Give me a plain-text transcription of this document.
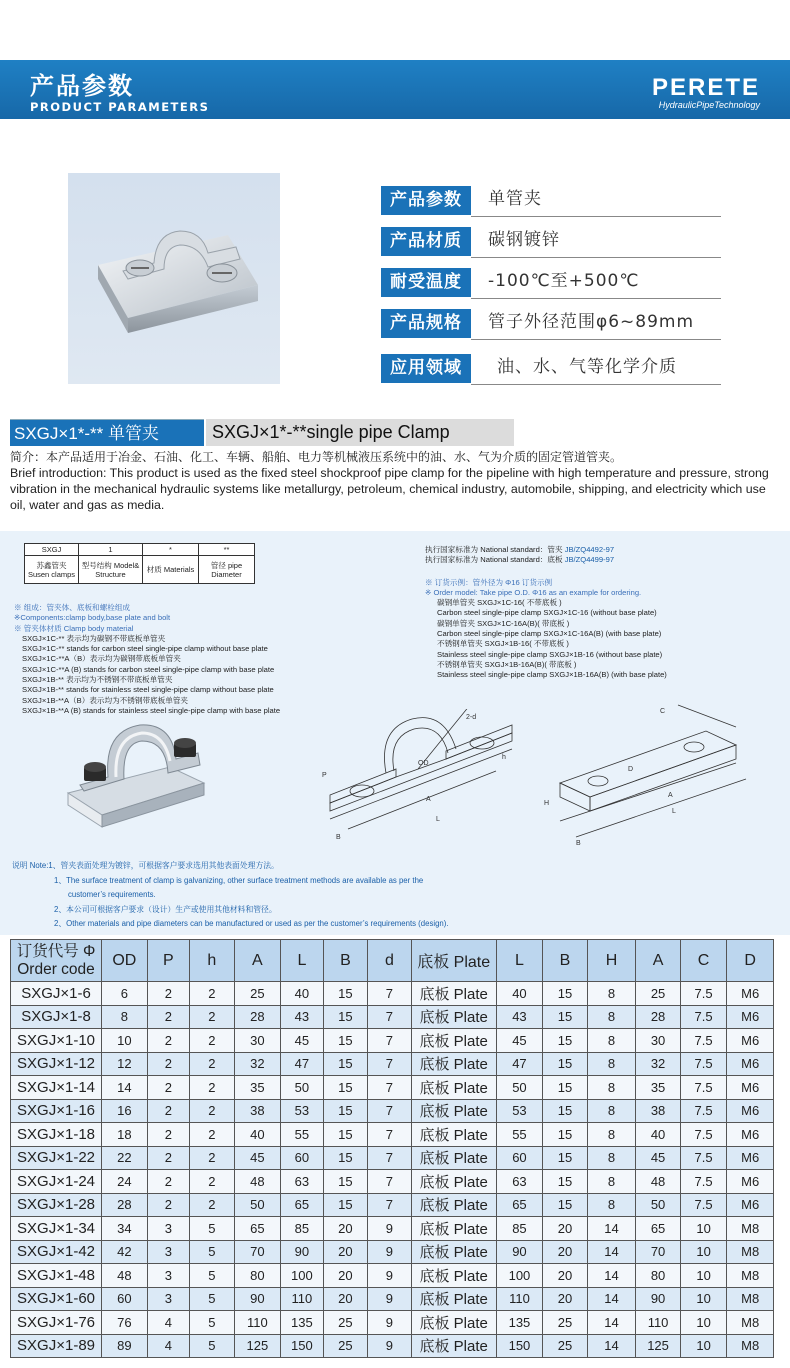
产品参数
PRODUCT PARAMETERS
PERETE
HydraulicPipeTechnology
产品参数	单管夹
产品材质	碳钢镀锌
耐受温度	-100℃至+500℃
产品规格	管子外径范围φ6~89mm
应用领域	油、水、气等化学介质
SXGJ×1*-** 单管夹	SXGJ×1*-**single pipe Clamp
简介：本产品适用于冶金、石油、化工、车辆、船舶、电力等机械液压系统中的油、水、气为介质的固定管道管夹。
Brief introduction: This product is used as the fixed steel shockproof pipe clamp for the pipeline with high temperature and pressure, strong vibration in the mechanical hydraulic systems like metallurgy, petroleum, chemical industry, automobile, shipping, and electricity which use oil, water and gas as media.
SXGJ	1	*	**
苏鑫管夹 Susen clamps	型号结构 Model& Structure	材质 Materials	管径 pipe Diameter
※ 组成：管夹体、底板和螺栓组成
※Components:clamp body,base plate and bolt
※ 管夹体材质 Clamp body material
SXGJ×1C-** 表示均为碳钢不带底板单管夹
SXGJ×1C-** stands for carbon steel single-pipe clamp without base plate
SXGJ×1C-**A（B）表示均为碳钢带底板单管夹
SXGJ×1C-**A (B) stands for carbon steel single-pipe clamp with base plate
SXGJ×1B-** 表示均为不锈钢不带底板单管夹
SXGJ×1B-** stands for stainless steel single-pipe clamp without base plate
SXGJ×1B-**A（B）表示均为不锈钢带底板单管夹
SXGJ×1B-**A (B) stands for stainless steel single-pipe clamp with base plate
执行国家标准为 National standard：管夹 JB/ZQ4492-97
执行国家标准为 National standard：底板 JB/ZQ4499-97
※ 订货示例：管外径为 Φ16 订货示例
※ Order model: Take pipe O.D. Φ16 as an example for ordering.
碳钢单管夹 SXGJ×1C-16( 不带底板 )
Carbon steel single-pipe clamp SXGJ×1C-16 (without base plate)
碳钢单管夹 SXGJ×1C-16A(B)( 带底板 )
Carbon steel single-pipe clamp SXGJ×1C-16A(B) (with base plate)
不锈钢单管夹 SXGJ×1B-16( 不带底板 )
Stainless steel single-pipe clamp SXGJ×1B-16 (without base plate)
不锈钢单管夹 SXGJ×1B-16A(B)( 带底板 )
Stainless steel single-pipe clamp SXGJ×1B-16A(B) (with base plate)
2-d
h
OD
P
B
A
L
C
D
H
A
L
B
说明 Note:1、管夹表面处理为镀锌，可根据客户要求选用其他表面处理方法。
1、The surface treatment of clamp is galvanizing, other surface treatment methods are available as per the
customer’s requirements.
2、本公司可根据客户要求（设计）生产或使用其他材料和管径。
2、Other materials and pipe diameters can be manufactured or used as per the customer’s requirements (design).
订货代号 Φ Order code	OD	P	h	A	L	B	d	底板 Plate	L	B	H	A	C	D
SXGJ×1-6	6	2	2	25	40	15	7	底板 Plate	40	15	8	25	7.5	M6
SXGJ×1-8	8	2	2	28	43	15	7	底板 Plate	43	15	8	28	7.5	M6
SXGJ×1-10	10	2	2	30	45	15	7	底板 Plate	45	15	8	30	7.5	M6
SXGJ×1-12	12	2	2	32	47	15	7	底板 Plate	47	15	8	32	7.5	M6
SXGJ×1-14	14	2	2	35	50	15	7	底板 Plate	50	15	8	35	7.5	M6
SXGJ×1-16	16	2	2	38	53	15	7	底板 Plate	53	15	8	38	7.5	M6
SXGJ×1-18	18	2	2	40	55	15	7	底板 Plate	55	15	8	40	7.5	M6
SXGJ×1-22	22	2	2	45	60	15	7	底板 Plate	60	15	8	45	7.5	M6
SXGJ×1-24	24	2	2	48	63	15	7	底板 Plate	63	15	8	48	7.5	M6
SXGJ×1-28	28	2	2	50	65	15	7	底板 Plate	65	15	8	50	7.5	M6
SXGJ×1-34	34	3	5	65	85	20	9	底板 Plate	85	20	14	65	10	M8
SXGJ×1-42	42	3	5	70	90	20	9	底板 Plate	90	20	14	70	10	M8
SXGJ×1-48	48	3	5	80	100	20	9	底板 Plate	100	20	14	80	10	M8
SXGJ×1-60	60	3	5	90	110	20	9	底板 Plate	110	20	14	90	10	M8
SXGJ×1-76	76	4	5	110	135	25	9	底板 Plate	135	25	14	110	10	M8
SXGJ×1-89	89	4	5	125	150	25	9	底板 Plate	150	25	14	125	10	M8
